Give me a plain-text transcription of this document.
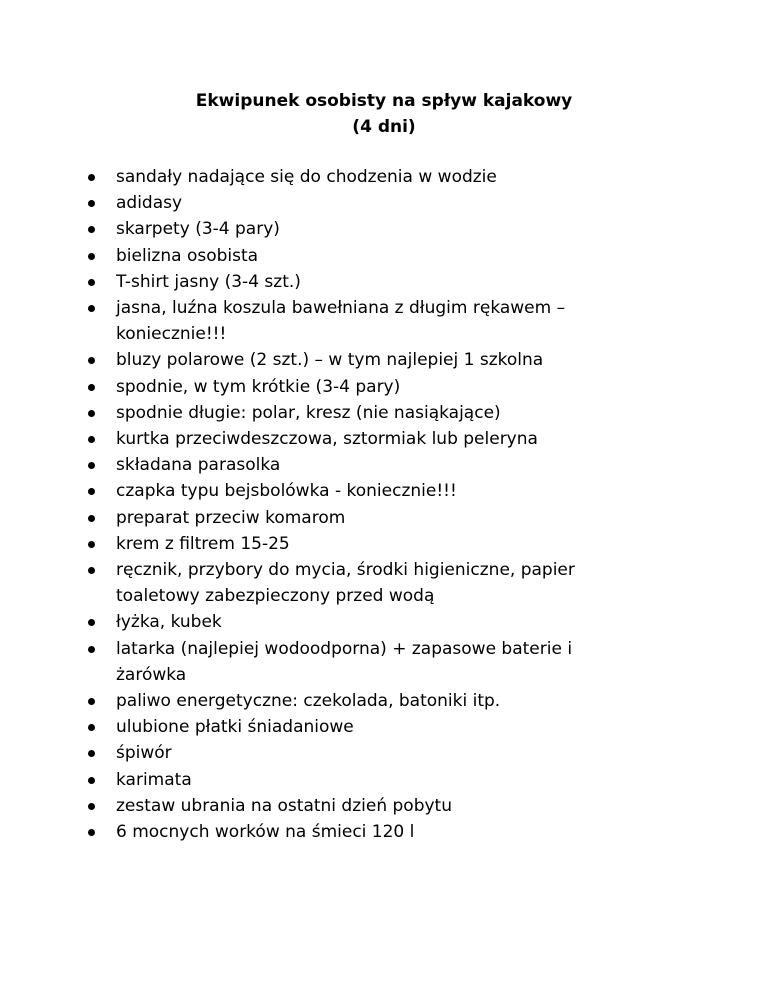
Ekwipunek osobisty na spływ kajakowy
(4 dni)
sandały nadające się do chodzenia w wodzie
adidasy
skarpety (3-4 pary)
bielizna osobista
T-shirt jasny (3-4 szt.)
jasna, luźna koszula bawełniana z długim rękawem –
koniecznie!!!
bluzy polarowe (2 szt.) – w tym najlepiej 1 szkolna
spodnie, w tym krótkie (3-4 pary)
spodnie długie: polar, kresz (nie nasiąkające)
kurtka przeciwdeszczowa, sztormiak lub peleryna
składana parasolka
czapka typu bejsbolówka - koniecznie!!!
preparat przeciw komarom
krem z filtrem 15-25
ręcznik, przybory do mycia, środki higieniczne, papier
toaletowy zabezpieczony przed wodą
łyżka, kubek
latarka (najlepiej wodoodporna) + zapasowe baterie i
żarówka
paliwo energetyczne: czekolada, batoniki itp.
ulubione płatki śniadaniowe
śpiwór
karimata
zestaw ubrania na ostatni dzień pobytu
6 mocnych worków na śmieci 120 l
